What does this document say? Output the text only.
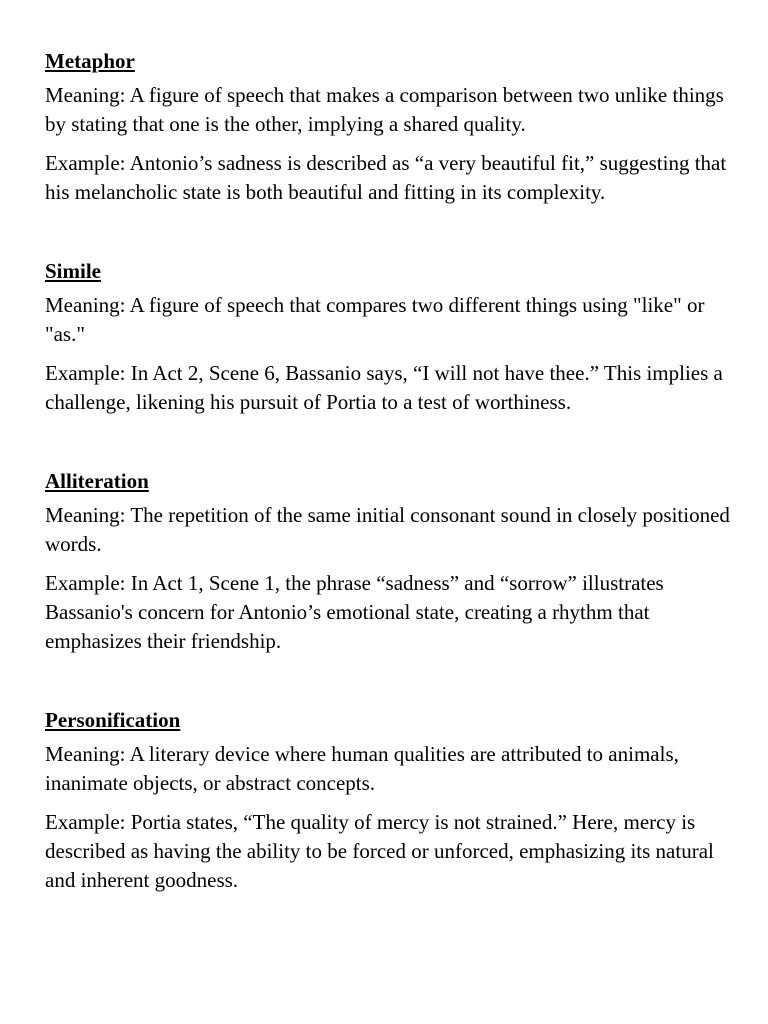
Metaphor

Meaning: A figure of speech that makes a comparison between two unlike things by stating that one is the other, implying a shared quality.

Example: Antonio’s sadness is described as “a very beautiful fit,” suggesting that his melancholic state is both beautiful and fitting in its complexity.

Simile

Meaning: A figure of speech that compares two different things using "like" or "as."

Example: In Act 2, Scene 6, Bassanio says, “I will not have thee.” This implies a challenge, likening his pursuit of Portia to a test of worthiness.

Alliteration

Meaning: The repetition of the same initial consonant sound in closely positioned words.

Example: In Act 1, Scene 1, the phrase “sadness” and “sorrow” illustrates Bassanio's concern for Antonio’s emotional state, creating a rhythm that emphasizes their friendship.

Personification

Meaning: A literary device where human qualities are attributed to animals, inanimate objects, or abstract concepts.

Example: Portia states, “The quality of mercy is not strained.” Here, mercy is described as having the ability to be forced or unforced, emphasizing its natural and inherent goodness.
